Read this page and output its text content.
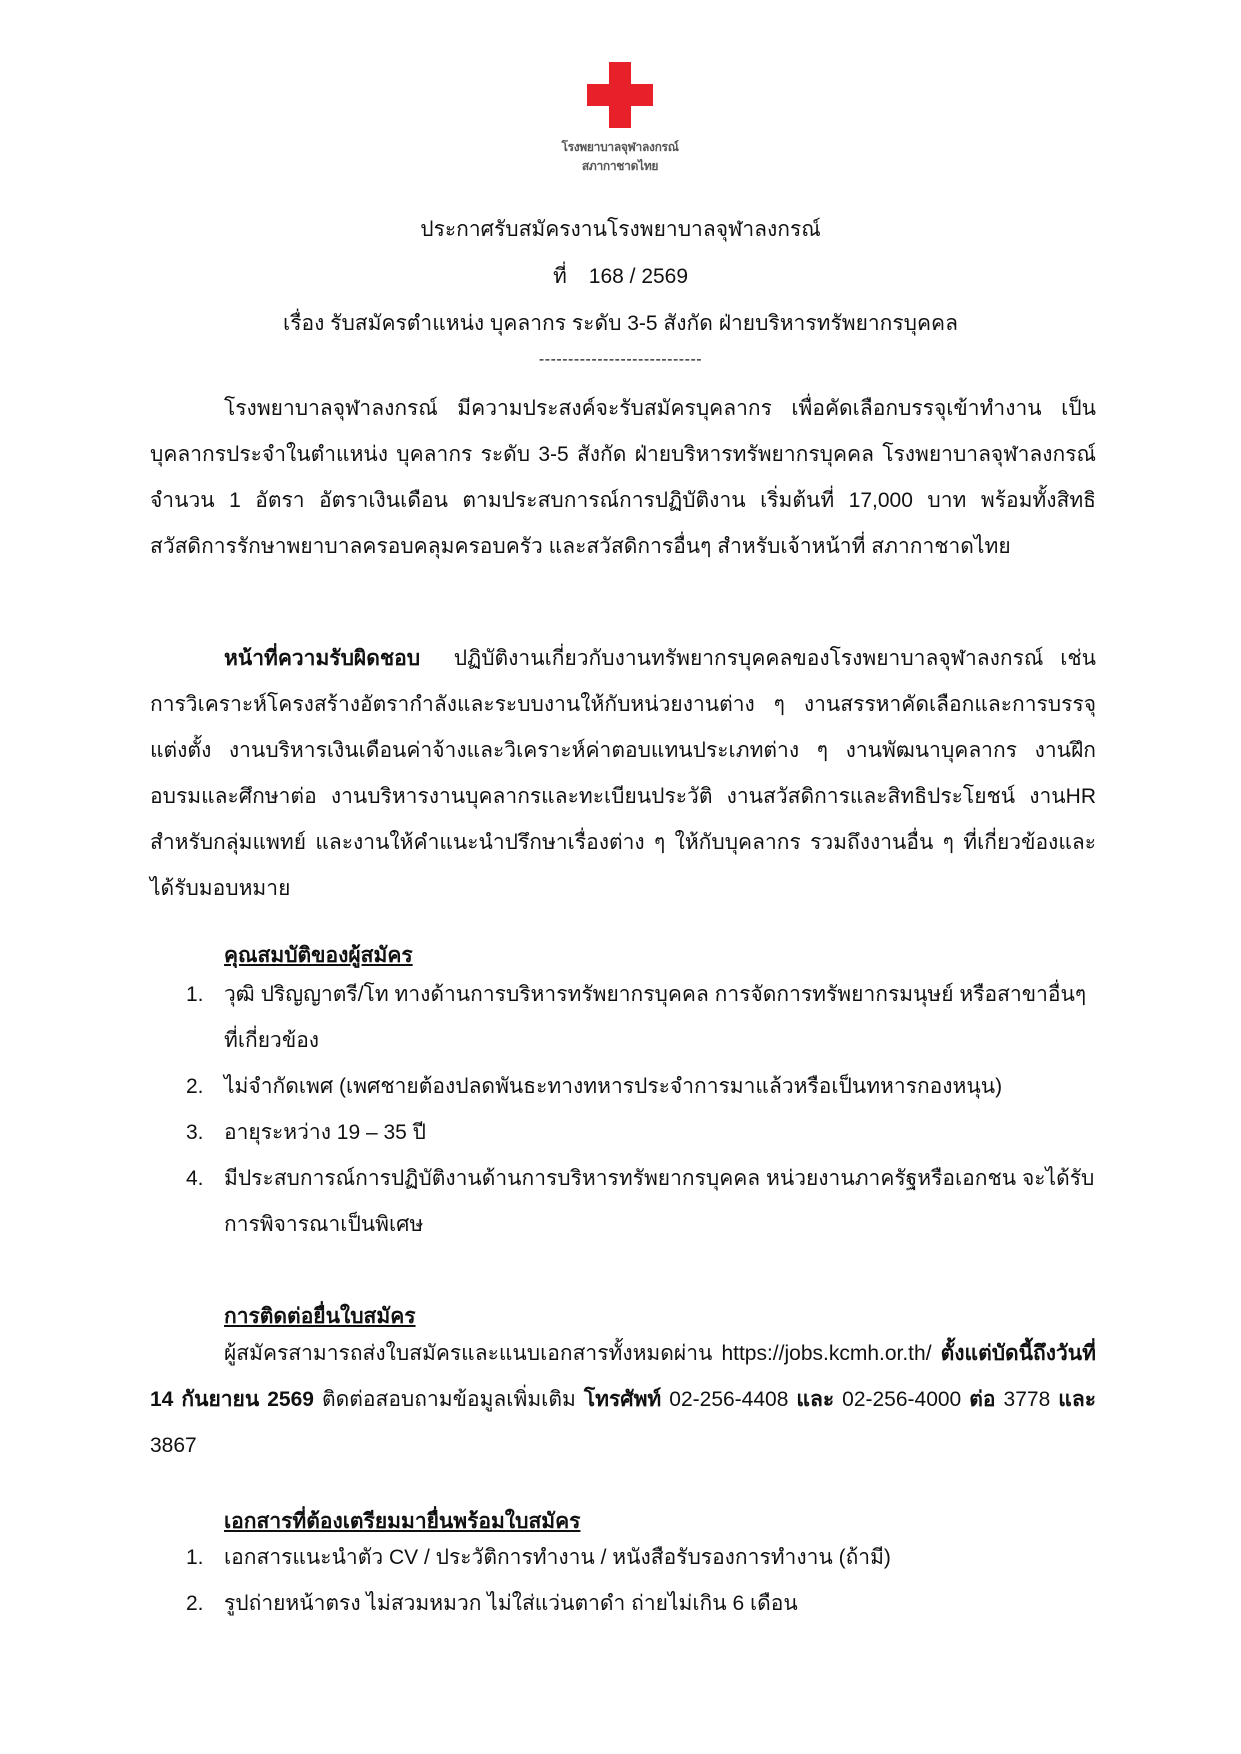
โรงพยาบาลจุฬาลงกรณ์
สภากาชาดไทย
ประกาศรับสมัครงานโรงพยาบาลจุฬาลงกรณ์
ที่ 168 / 2569
เรื่อง รับสมัครตำแหน่ง บุคลากร ระดับ 3-5 สังกัด ฝ่ายบริหารทรัพยากรบุคคล
----------------------------
โรงพยาบาลจุฬาลงกรณ์ มีความประสงค์จะรับสมัครบุคลากร เพื่อคัดเลือกบรรจุเข้าทำงาน เป็นบุคลากรประจำในตำแหน่ง บุคลากร ระดับ 3-5 สังกัด ฝ่ายบริหารทรัพยากรบุคคล โรงพยาบาลจุฬาลงกรณ์ จำนวน 1 อัตรา อัตราเงินเดือน ตามประสบการณ์การปฏิบัติงาน เริ่มต้นที่ 17,000 บาท พร้อมทั้งสิทธิสวัสดิการรักษาพยาบาลครอบคลุมครอบครัว และสวัสดิการอื่นๆ สำหรับเจ้าหน้าที่ สภากาชาดไทย
หน้าที่ความรับผิดชอบ ปฏิบัติงานเกี่ยวกับงานทรัพยากรบุคคลของโรงพยาบาลจุฬาลงกรณ์ เช่น การวิเคราะห์โครงสร้างอัตรากำลังและระบบงานให้กับหน่วยงานต่าง ๆ งานสรรหาคัดเลือกและการบรรจุแต่งตั้ง งานบริหารเงินเดือนค่าจ้างและวิเคราะห์ค่าตอบแทนประเภทต่าง ๆ งานพัฒนาบุคลากร งานฝึกอบรมและศึกษาต่อ งานบริหารงานบุคลากรและทะเบียนประวัติ งานสวัสดิการและสิทธิประโยชน์ งานHR สำหรับกลุ่มแพทย์ และงานให้คำแนะนำปรึกษาเรื่องต่าง ๆ ให้กับบุคลากร รวมถึงงานอื่น ๆ ที่เกี่ยวข้องและได้รับมอบหมาย
คุณสมบัติของผู้สมัคร
1. วุฒิ ปริญญาตรี/โท ทางด้านการบริหารทรัพยากรบุคคล การจัดการทรัพยากรมนุษย์ หรือสาขาอื่นๆที่เกี่ยวข้อง
2. ไม่จำกัดเพศ (เพศชายต้องปลดพันธะทางทหารประจำการมาแล้วหรือเป็นทหารกองหนุน)
3. อายุระหว่าง 19 – 35 ปี
4. มีประสบการณ์การปฏิบัติงานด้านการบริหารทรัพยากรบุคคล หน่วยงานภาครัฐหรือเอกชน จะได้รับการพิจารณาเป็นพิเศษ
การติดต่อยื่นใบสมัคร
ผู้สมัครสามารถส่งใบสมัครและแนบเอกสารทั้งหมดผ่าน https://jobs.kcmh.or.th/ ตั้งแต่บัดนี้ถึงวันที่ 14 กันยายน 2569 ติดต่อสอบถามข้อมูลเพิ่มเติม โทรศัพท์ 02-256-4408 และ 02-256-4000 ต่อ 3778 และ 3867
เอกสารที่ต้องเตรียมมายื่นพร้อมใบสมัคร
1. เอกสารแนะนำตัว CV / ประวัติการทำงาน / หนังสือรับรองการทำงาน (ถ้ามี)
2. รูปถ่ายหน้าตรง ไม่สวมหมวก ไม่ใส่แว่นตาดำ ถ่ายไม่เกิน 6 เดือน
